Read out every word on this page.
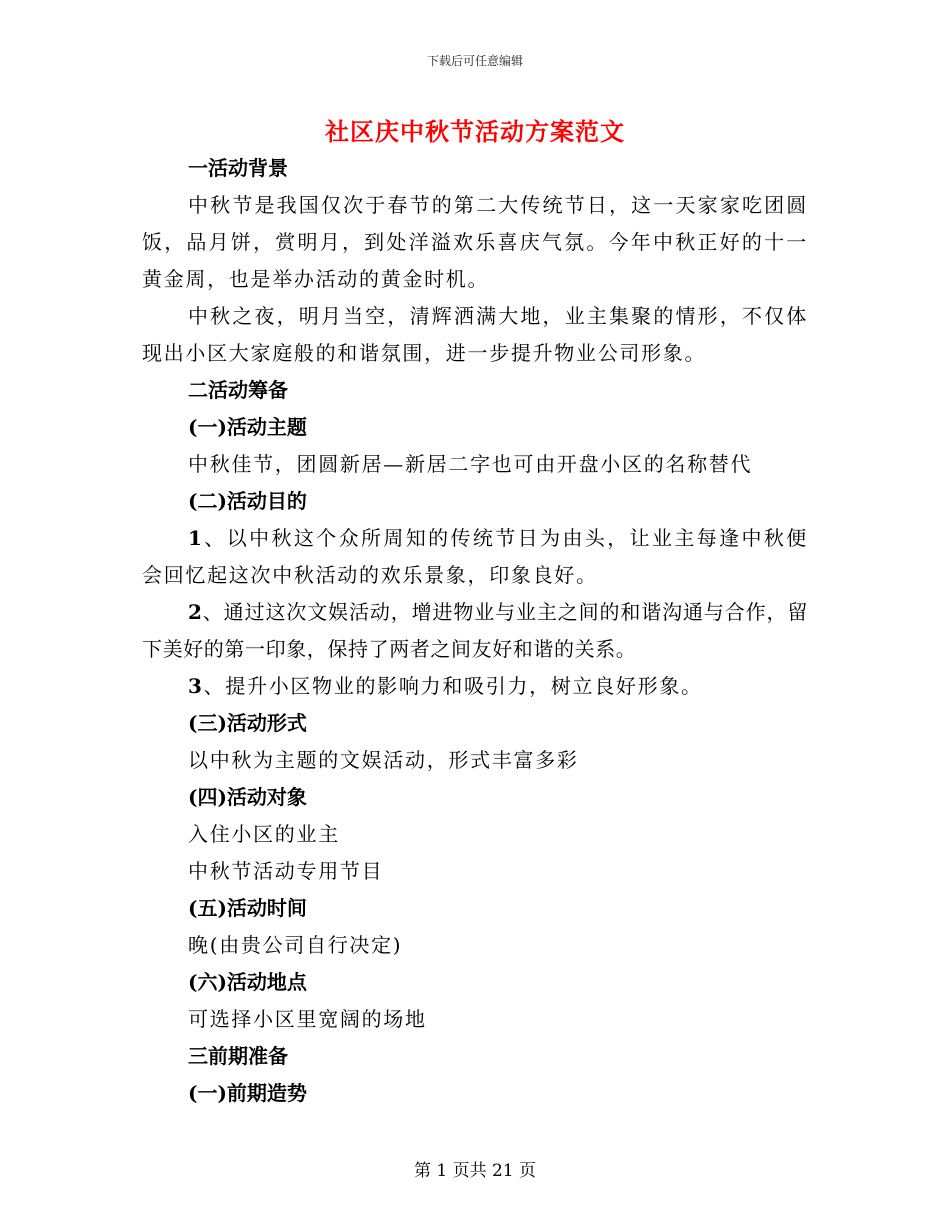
下载后可任意编辑
社区庆中秋节活动方案范文
一活动背景
中秋节是我国仅次于春节的第二大传统节日，这一天家家吃团圆饭，品月饼，赏明月，到处洋溢欢乐喜庆气氛。今年中秋正好的十一黄金周，也是举办活动的黄金时机。
中秋之夜，明月当空，清辉洒满大地，业主集聚的情形，不仅体现出小区大家庭般的和谐氛围，进一步提升物业公司形象。
二活动筹备
(一)活动主题
中秋佳节，团圆新居—新居二字也可由开盘小区的名称替代
(二)活动目的
1、以中秋这个众所周知的传统节日为由头，让业主每逢中秋便会回忆起这次中秋活动的欢乐景象，印象良好。
2、通过这次文娱活动，增进物业与业主之间的和谐沟通与合作，留下美好的第一印象，保持了两者之间友好和谐的关系。
3、提升小区物业的影响力和吸引力，树立良好形象。
(三)活动形式
以中秋为主题的文娱活动，形式丰富多彩
(四)活动对象
入住小区的业主
中秋节活动专用节目
(五)活动时间
晚(由贵公司自行决定)
(六)活动地点
可选择小区里宽阔的场地
三前期准备
(一)前期造势
第 1 页共 21 页
